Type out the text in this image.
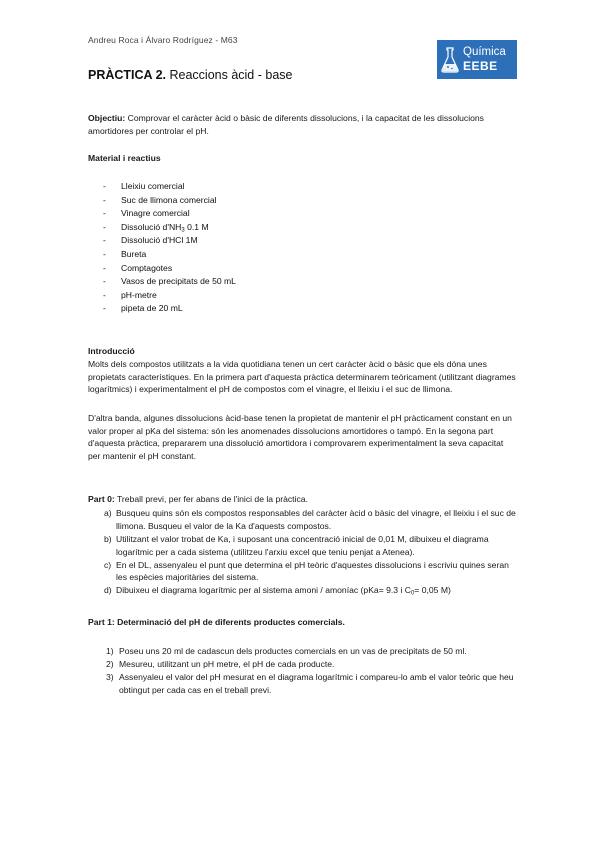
Andreu Roca i Álvaro Rodríguez - M63
Química
EEBE
PRÀCTICA 2. Reaccions àcid - base
Objectiu: Comprovar el caràcter àcid o bàsic de diferents dissolucions, i la capacitat de les dissolucions amortidores per controlar el pH.
Material i reactius
-	Lleixiu comercial
-	Suc de llimona comercial
-	Vinagre comercial
-	Dissolució $d'NH_3$ 0.1 M
-	Dissolució d'HCl 1M
-	Bureta
-	Comptagotes
-	Vasos de precipitats de 50 mL
-	pH-metre
-	pipeta de 20 mL
Introducció
Molts dels compostos utilitzats a la vida quotidiana tenen un cert caràcter àcid o bàsic que els dóna unes propietats característiques. En la primera part d'aquesta pràctica determinarem teòricament (utilitzant diagrames logarítmics) i experimentalment el pH de compostos com el vinagre, el lleixiu i el suc de llimona.
D'altra banda, algunes dissolucions àcid-base tenen la propietat de mantenir el pH pràcticament constant en un valor proper al pKa del sistema: són les anomenades dissolucions amortidores o tampó. En la segona part d'aquesta pràctica, prepararem una dissolució amortidora i comprovarem experimentalment la seva capacitat per mantenir el pH constant.
Part 0: Treball previ, per fer abans de l'inici de la pràctica.
a) Busqueu quins són els compostos responsables del caràcter àcid o bàsic del vinagre, el lleixiu i el suc de llimona. Busqueu el valor de la Ka d'aquests compostos.
b) Utilitzant el valor trobat de Ka, i suposant una concentració inicial de 0,01 M, dibuixeu el diagrama logarítmic per a cada sistema (utilitzeu l'arxiu excel que teniu penjat a Atenea).
c) En el DL, assenyaleu el punt que determina el pH teòric d'aquestes dissolucions i escriviu quines seran les espècies majoritàries del sistema.
d) Dibuixeu el diagrama logarítmic per al sistema amoni / amoníac (pKa= 9.3 i $C_0= 0,05$ M)
Part 1: Determinació del pH de diferents productes comercials.
1) Poseu uns 20 ml de cadascun dels productes comercials en un vas de precipitats de 50 ml.
2) Mesureu, utilitzant un pH metre, el pH de cada producte.
3) Assenyaleu el valor del pH mesurat en el diagrama logarítmic i compareu-lo amb el valor teòric que heu obtingut per cada cas en el treball previ.
